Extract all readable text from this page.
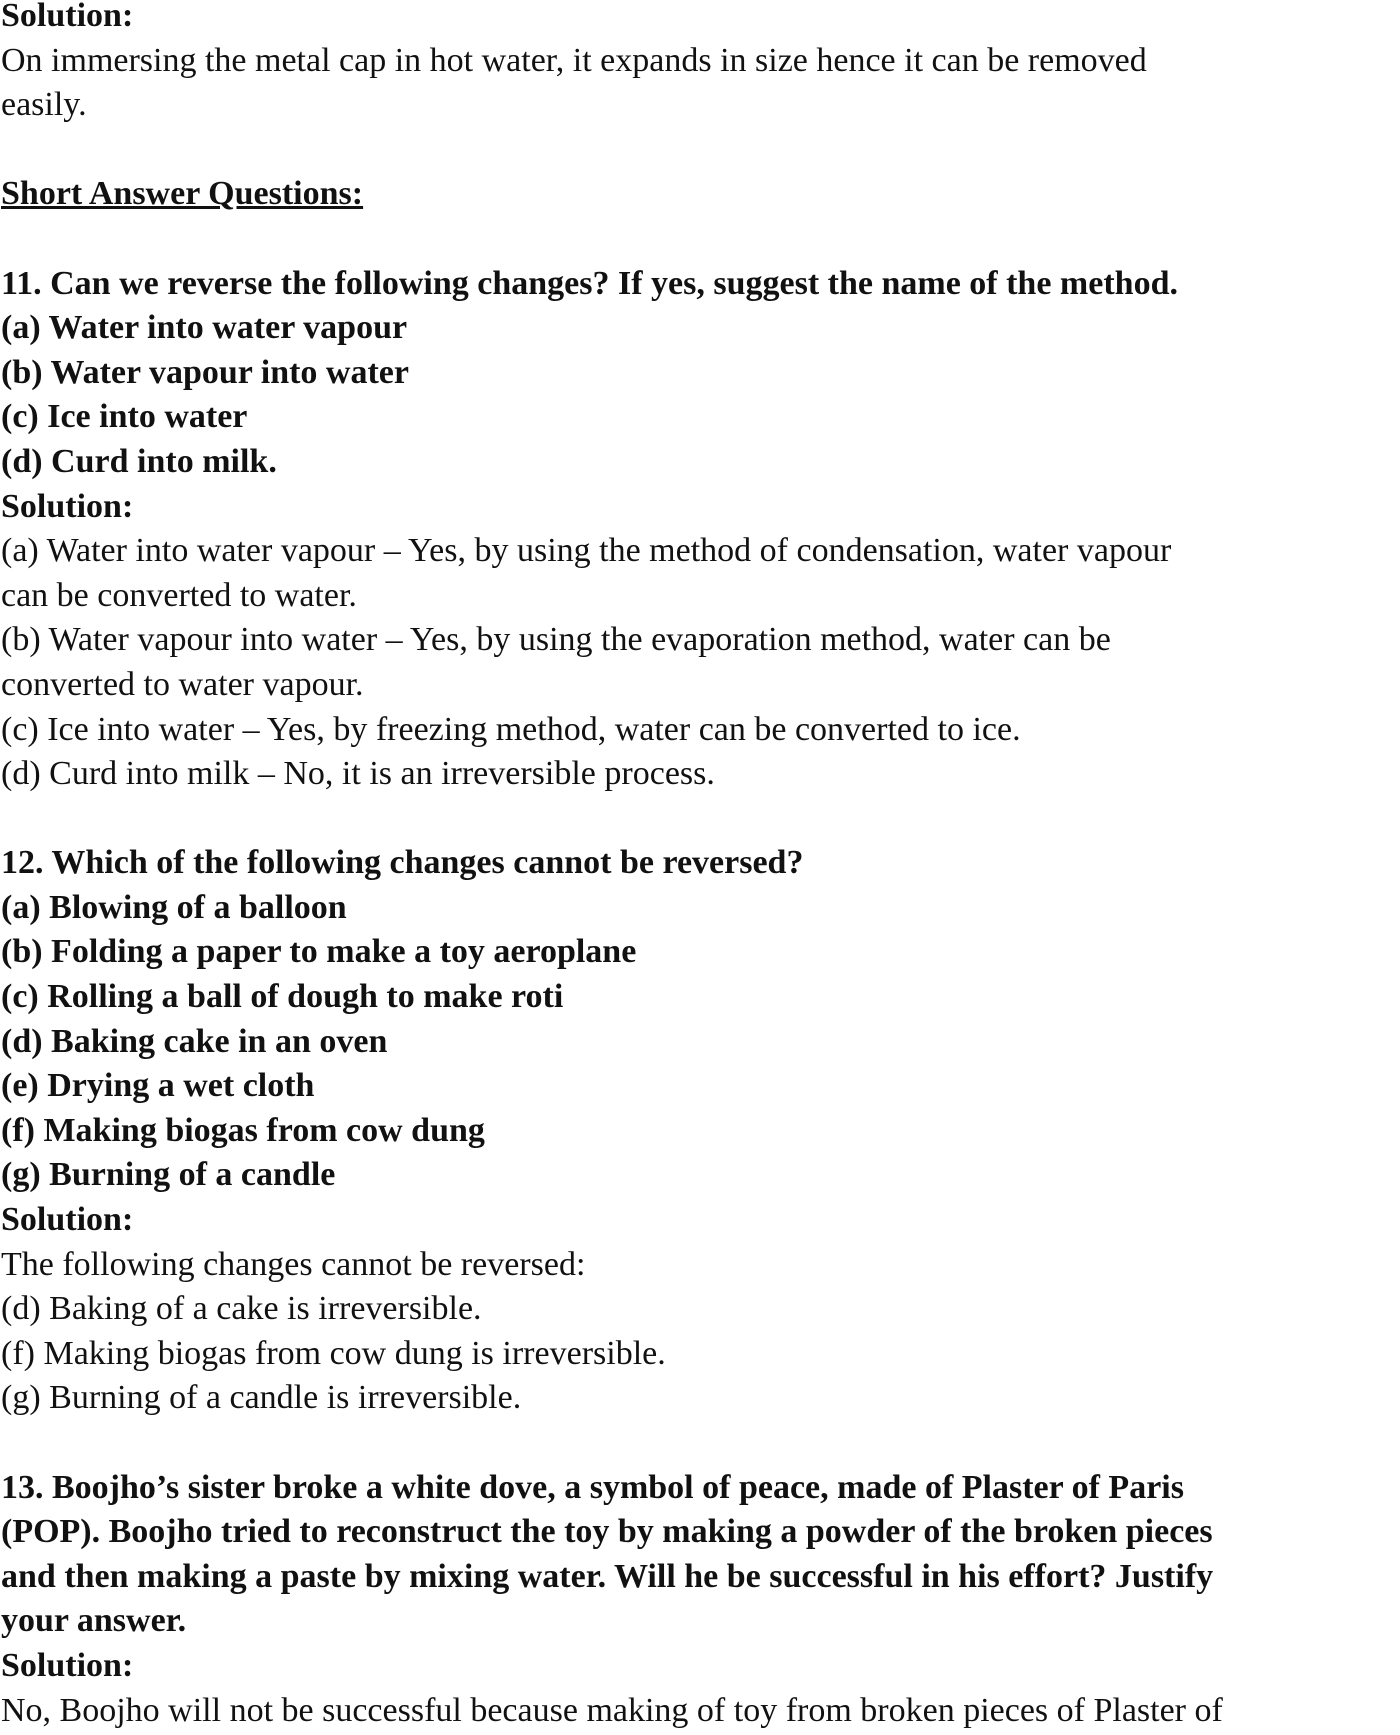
Solution:
On immersing the metal cap in hot water, it expands in size hence it can be removed
easily.
Short Answer Questions:
11. Can we reverse the following changes? If yes, suggest the name of the method.
(a) Water into water vapour
(b) Water vapour into water
(c) Ice into water
(d) Curd into milk.
Solution:
(a) Water into water vapour – Yes, by using the method of condensation, water vapour
can be converted to water.
(b) Water vapour into water – Yes, by using the evaporation method, water can be
converted to water vapour.
(c) Ice into water – Yes, by freezing method, water can be converted to ice.
(d) Curd into milk – No, it is an irreversible process.
12. Which of the following changes cannot be reversed?
(a) Blowing of a balloon
(b) Folding a paper to make a toy aeroplane
(c) Rolling a ball of dough to make roti
(d) Baking cake in an oven
(e) Drying a wet cloth
(f) Making biogas from cow dung
(g) Burning of a candle
Solution:
The following changes cannot be reversed:
(d) Baking of a cake is irreversible.
(f) Making biogas from cow dung is irreversible.
(g) Burning of a candle is irreversible.
13. Boojho’s sister broke a white dove, a symbol of peace, made of Plaster of Paris
(POP). Boojho tried to reconstruct the toy by making a powder of the broken pieces
and then making a paste by mixing water. Will he be successful in his effort? Justify
your answer.
Solution:
No, Boojho will not be successful because making of toy from broken pieces of Plaster of
